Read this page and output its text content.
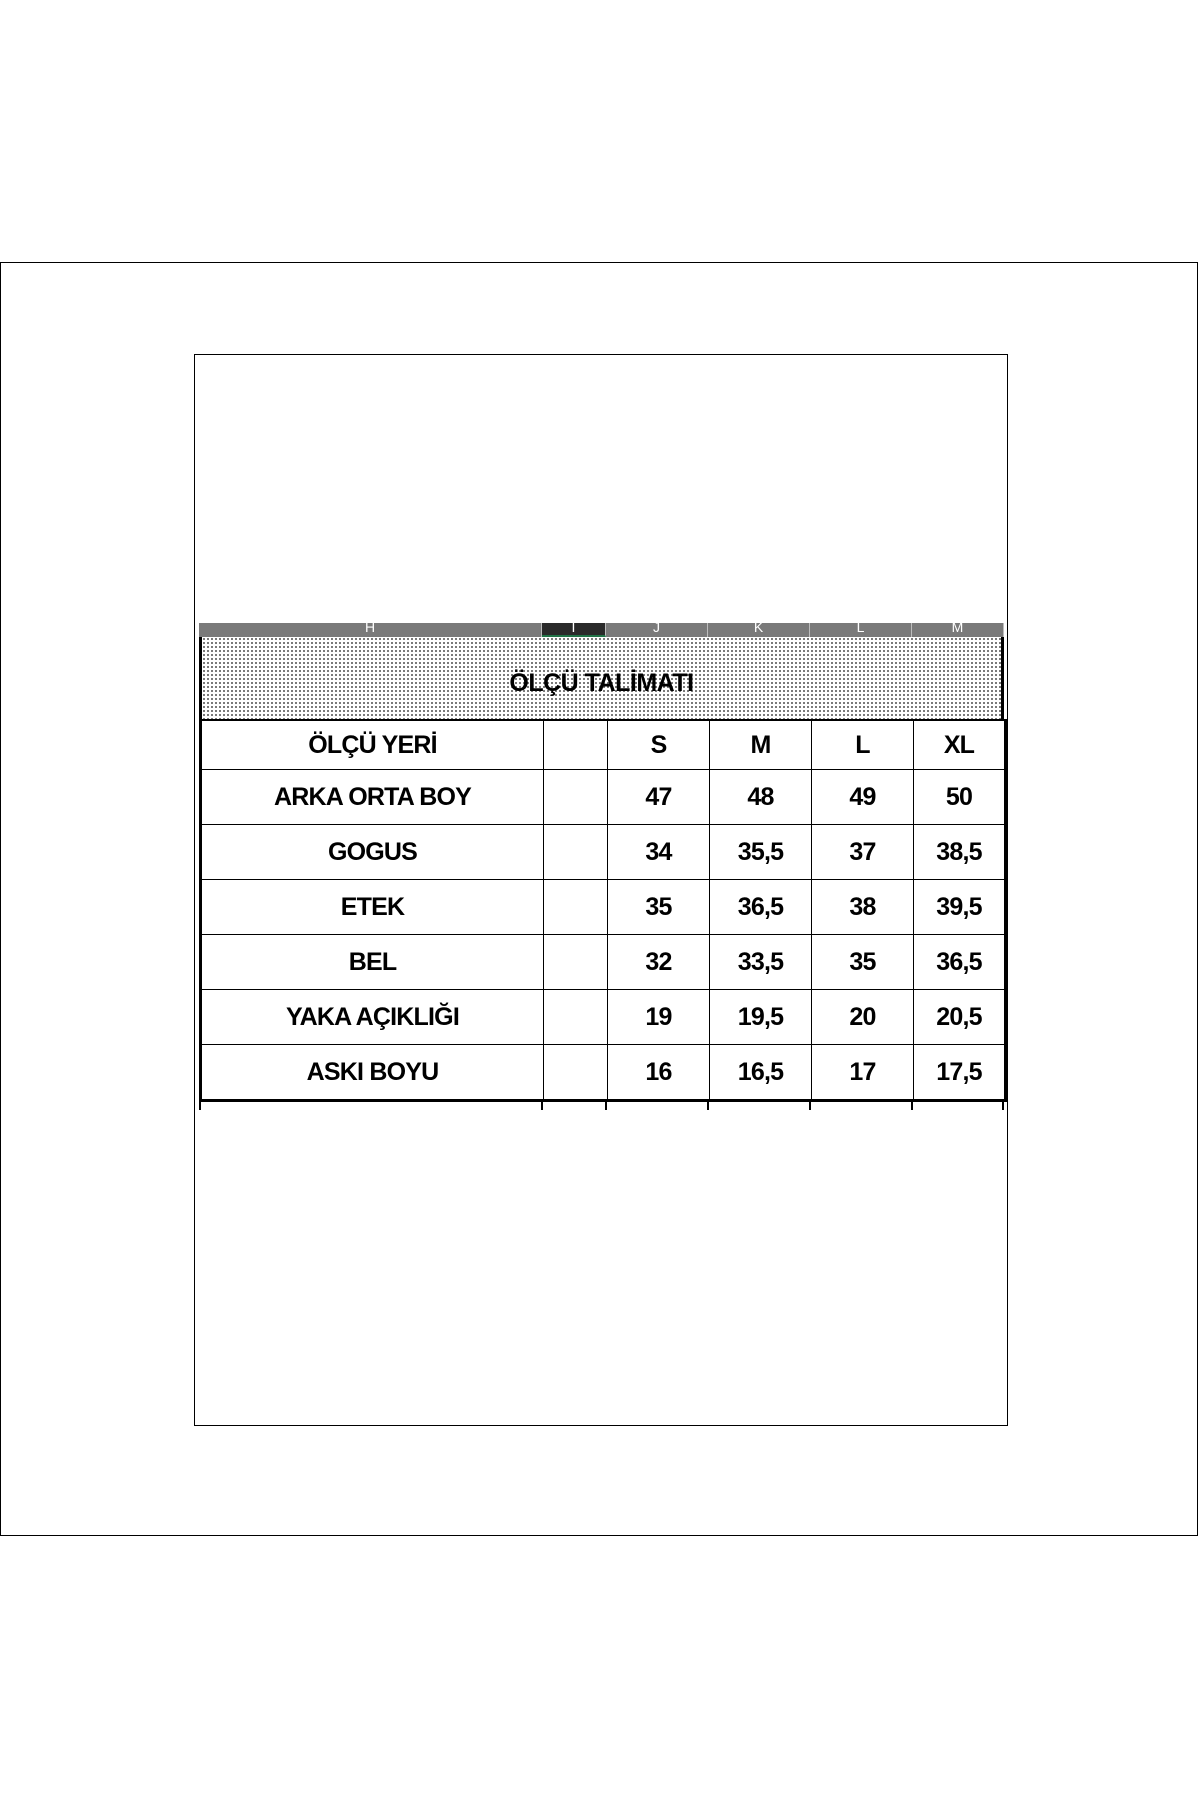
H	I	J	K	L	M
ÖLÇÜ TALİMATI
ÖLÇÜ YERİ		S	M	L	XL
ARKA ORTA BOY		47	48	49	50
GOGUS		34	35,5	37	38,5
ETEK		35	36,5	38	39,5
BEL		32	33,5	35	36,5
YAKA AÇIKLIĞI		19	19,5	20	20,5
ASKI BOYU		16	16,5	17	17,5
